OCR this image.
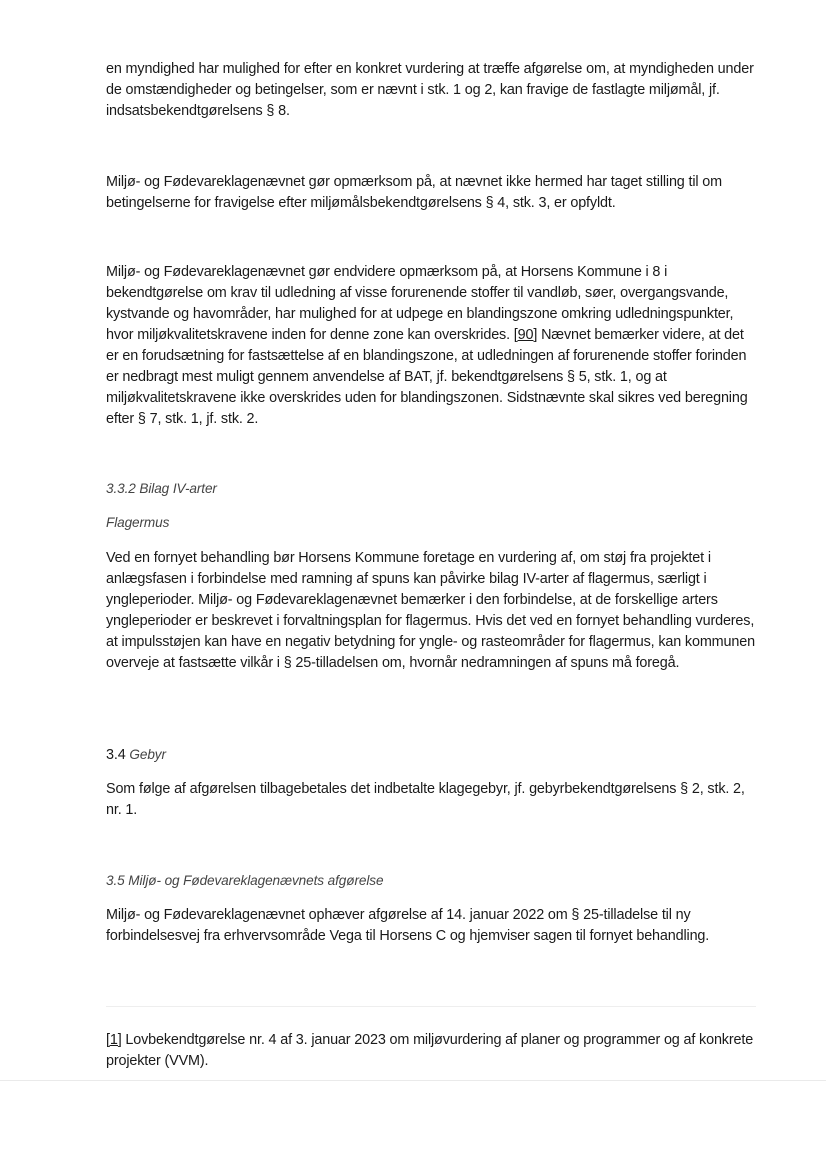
en myndighed har mulighed for efter en konkret vurdering at træffe afgørelse om, at myndigheden under de omstændigheder og betingelser, som er nævnt i stk. 1 og 2, kan fravige de fastlagte miljømål, jf. indsatsbekendtgørelsens § 8.

Miljø- og Fødevareklagenævnet gør opmærksom på, at nævnet ikke hermed har taget stilling til om betingelserne for fravigelse efter miljømålsbekendtgørelsens § 4, stk. 3, er opfyldt.

Miljø- og Fødevareklagenævnet gør endvidere opmærksom på, at Horsens Kommune i 8 i bekendtgørelse om krav til udledning af visse forurenende stoffer til vandløb, søer, overgangsvande, kystvande og havområder, har mulighed for at udpege en blandingszone omkring udledningspunkter, hvor miljøkvalitetskravene inden for denne zone kan overskrides. [90] Nævnet bemærker videre, at det er en forudsætning for fastsættelse af en blandingszone, at udledningen af forurenende stoffer forinden er nedbragt mest muligt gennem anvendelse af BAT, jf. bekendtgørelsens § 5, stk. 1, og at miljøkvalitetskravene ikke overskrides uden for blandingszonen. Sidstnævnte skal sikres ved beregning efter § 7, stk. 1, jf. stk. 2.

3.3.2 Bilag IV-arter
Flagermus

Ved en fornyet behandling bør Horsens Kommune foretage en vurdering af, om støj fra projektet i anlægsfasen i forbindelse med ramning af spuns kan påvirke bilag IV-arter af flagermus, særligt i yngleperioder. Miljø- og Fødevareklagenævnet bemærker i den forbindelse, at de forskellige arters yngleperioder er beskrevet i forvaltningsplan for flagermus. Hvis det ved en fornyet behandling vurderes, at impulsstøjen kan have en negativ betydning for yngle- og rasteområder for flagermus, kan kommunen overveje at fastsætte vilkår i § 25-tilladelsen om, hvornår nedramningen af spuns må foregå.

3.4 Gebyr

Som følge af afgørelsen tilbagebetales det indbetalte klagegebyr, jf. gebyrbekendtgørelsens § 2, stk. 2, nr. 1.

3.5 Miljø- og Fødevareklagenævnets afgørelse

Miljø- og Fødevareklagenævnet ophæver afgørelse af 14. januar 2022 om § 25-tilladelse til ny forbindelsesvej fra erhvervsområde Vega til Horsens C og hjemviser sagen til fornyet behandling.

[1] Lovbekendtgørelse nr. 4 af 3. januar 2023 om miljøvurdering af planer og programmer og af konkrete projekter (VVM).
